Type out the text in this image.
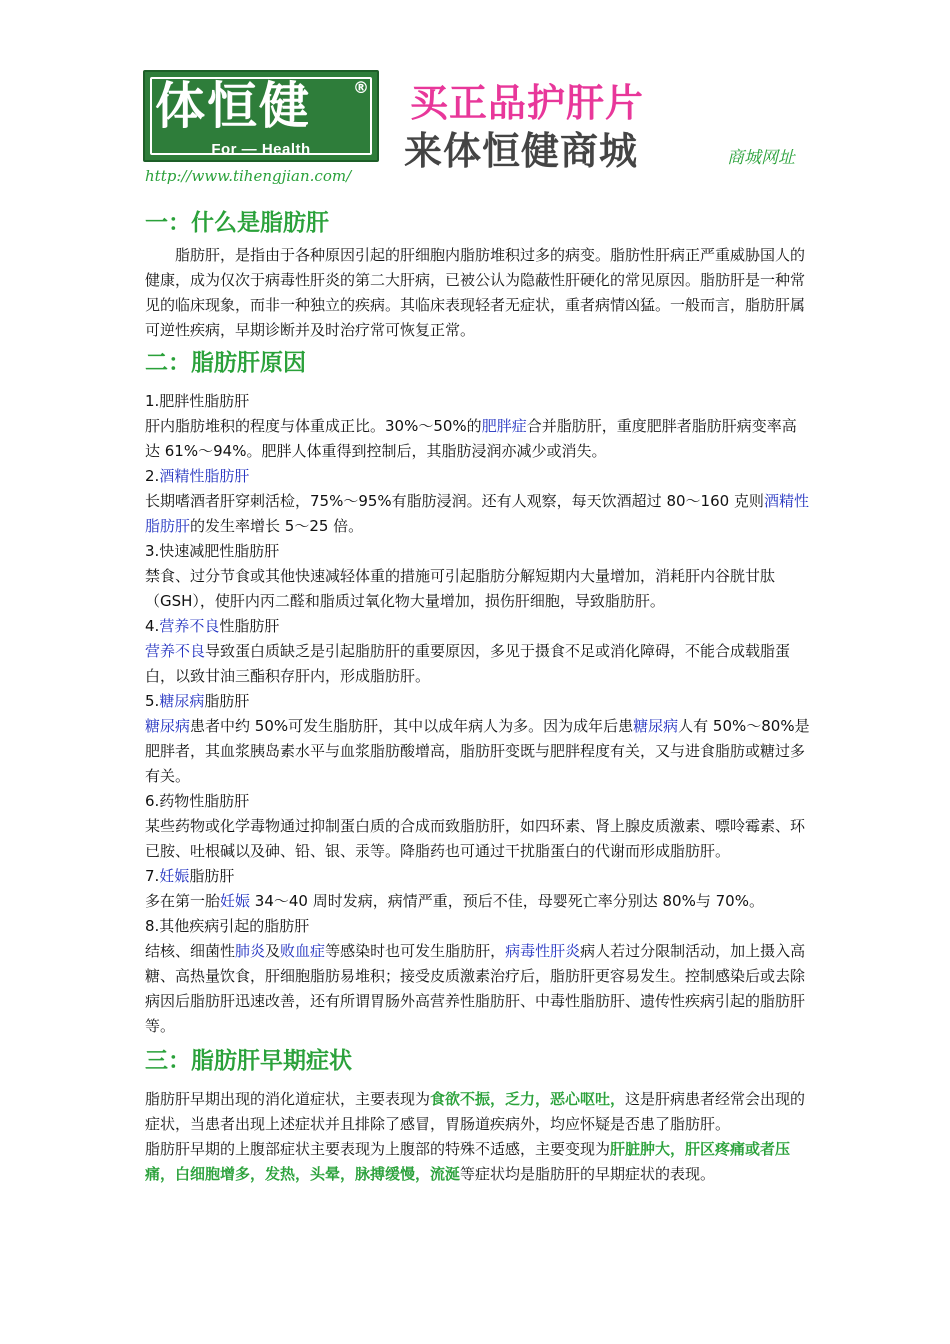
体恒健	®
For — Health
买正品护肝片
来体恒健商城	商城网址
http://www.tihengjian.com/
一：什么是脂肪肝

脂肪肝，是指由于各种原因引起的肝细胞内脂肪堆积过多的病变。脂肪性肝病正严重威胁国人的健康，成为仅次于病毒性肝炎的第二大肝病，已被公认为隐蔽性肝硬化的常见原因。脂肪肝是一种常见的临床现象，而非一种独立的疾病。其临床表现轻者无症状，重者病情凶猛。一般而言，脂肪肝属可逆性疾病，早期诊断并及时治疗常可恢复正常。

二：脂肪肝原因

1.肥胖性脂肪肝

肝内脂肪堆积的程度与体重成正比。30%～50%的肥胖症合并脂肪肝，重度肥胖者脂肪肝病变率高达 61%～94%。肥胖人体重得到控制后，其脂肪浸润亦减少或消失。

2.酒精性脂肪肝

长期嗜酒者肝穿刺活检，75%～95%有脂肪浸润。还有人观察，每天饮酒超过 80～160 克则酒精性脂肪肝的发生率增长 5～25 倍。

3.快速减肥性脂肪肝

禁食、过分节食或其他快速减轻体重的措施可引起脂肪分解短期内大量增加，消耗肝内谷胱甘肽（GSH），使肝内丙二醛和脂质过氧化物大量增加，损伤肝细胞，导致脂肪肝。

4.营养不良性脂肪肝

营养不良导致蛋白质缺乏是引起脂肪肝的重要原因，多见于摄食不足或消化障碍，不能合成载脂蛋白，以致甘油三酯积存肝内，形成脂肪肝。

5.糖尿病脂肪肝

糖尿病患者中约 50%可发生脂肪肝，其中以成年病人为多。因为成年后患糖尿病人有 50%～80%是肥胖者，其血浆胰岛素水平与血浆脂肪酸增高，脂肪肝变既与肥胖程度有关，又与进食脂肪或糖过多有关。

6.药物性脂肪肝

某些药物或化学毒物通过抑制蛋白质的合成而致脂肪肝，如四环素、肾上腺皮质激素、嘌呤霉素、环已胺、吐根碱以及砷、铅、银、汞等。降脂药也可通过干扰脂蛋白的代谢而形成脂肪肝。

7.妊娠脂肪肝

多在第一胎妊娠 34～40 周时发病，病情严重，预后不佳，母婴死亡率分别达 80%与 70%。

8.其他疾病引起的脂肪肝

结核、细菌性肺炎及败血症等感染时也可发生脂肪肝，病毒性肝炎病人若过分限制活动，加上摄入高糖、高热量饮食，肝细胞脂肪易堆积；接受皮质激素治疗后，脂肪肝更容易发生。控制感染后或去除病因后脂肪肝迅速改善，还有所谓胃肠外高营养性脂肪肝、中毒性脂肪肝、遗传性疾病引起的脂肪肝等。

三：脂肪肝早期症状

脂肪肝早期出现的消化道症状，主要表现为食欲不振，乏力，恶心呕吐，这是肝病患者经常会出现的症状，当患者出现上述症状并且排除了感冒，胃肠道疾病外，均应怀疑是否患了脂肪肝。

脂肪肝早期的上腹部症状主要表现为上腹部的特殊不适感，主要变现为肝脏肿大，肝区疼痛或者压痛，白细胞增多，发热，头晕，脉搏缓慢，流涎等症状均是脂肪肝的早期症状的表现。
